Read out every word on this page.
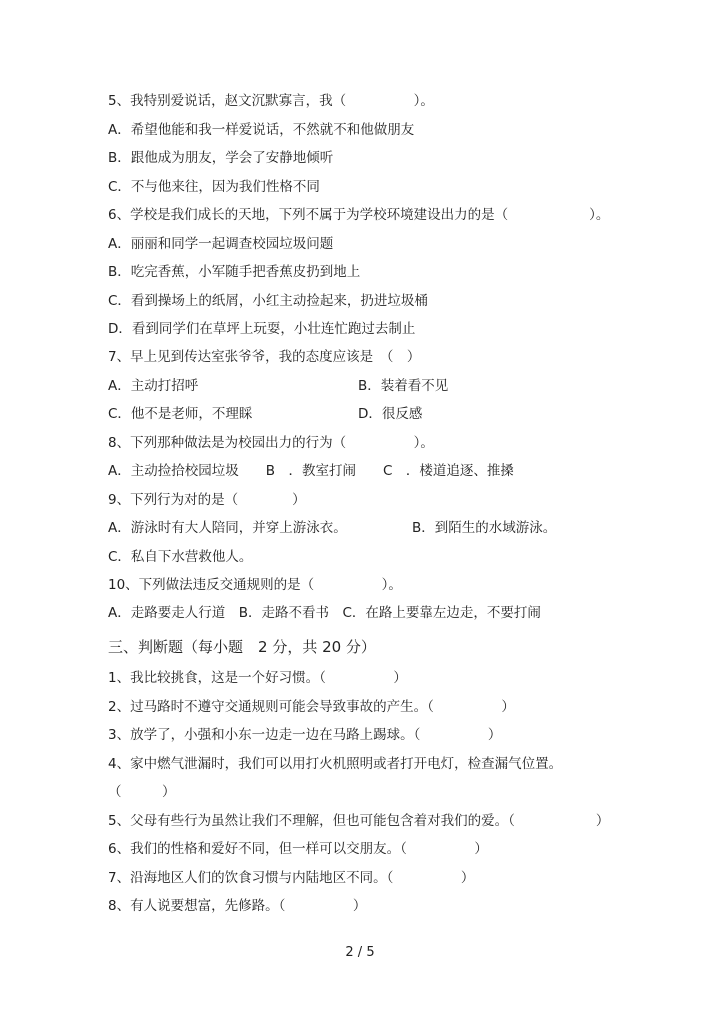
5、我特别爱说话，赵文沉默寡言，我（　　　　　）。
A．希望他能和我一样爱说话，不然就不和他做朋友
B．跟他成为朋友，学会了安静地倾听
C．不与他来往，因为我们性格不同
6、学校是我们成长的天地，下列不属于为学校环境建设出力的是（　　　　　　）。
A．丽丽和同学一起调查校园垃圾问题
B．吃完香蕉，小军随手把香蕉皮扔到地上
C．看到操场上的纸屑，小红主动捡起来，扔进垃圾桶
D．看到同学们在草坪上玩耍，小壮连忙跑过去制止
7、早上见到传达室张爷爷，我的态度应该是　（　）
A．主动打招呼	B．装着看不见
C．他不是老师，不理睬	D．很反感
8、下列那种做法是为校园出力的行为（　　　　　）。
A．主动捡拾校园垃圾　　B　．教室打闹　　C　．楼道追逐、推搡
9、下列行为对的是（　　　　）
A．游泳时有大人陪同，并穿上游泳衣。	B．到陌生的水域游泳。
C．私自下水营救他人。
10、下列做法违反交通规则的是（　　　　　）。
A．走路要走人行道　B．走路不看书　C．在路上要靠左边走，不要打闹
三、判断题（每小题　2 分，共 20 分）
1、我比较挑食，这是一个好习惯。（　　　　　）
2、过马路时不遵守交通规则可能会导致事故的产生。（　　　　　）
3、放学了，小强和小东一边走一边在马路上踢球。（　　　　　）
4、家中燃气泄漏时，我们可以用打火机照明或者打开电灯，检查漏气位置。
（　　　）
5、父母有些行为虽然让我们不理解，但也可能包含着对我们的爱。（　　　　　　）
6、我们的性格和爱好不同，但一样可以交朋友。（　　　　　）
7、沿海地区人们的饮食习惯与内陆地区不同。（　　　　　）
8、有人说要想富，先修路。（　　　　　）
2 / 5
